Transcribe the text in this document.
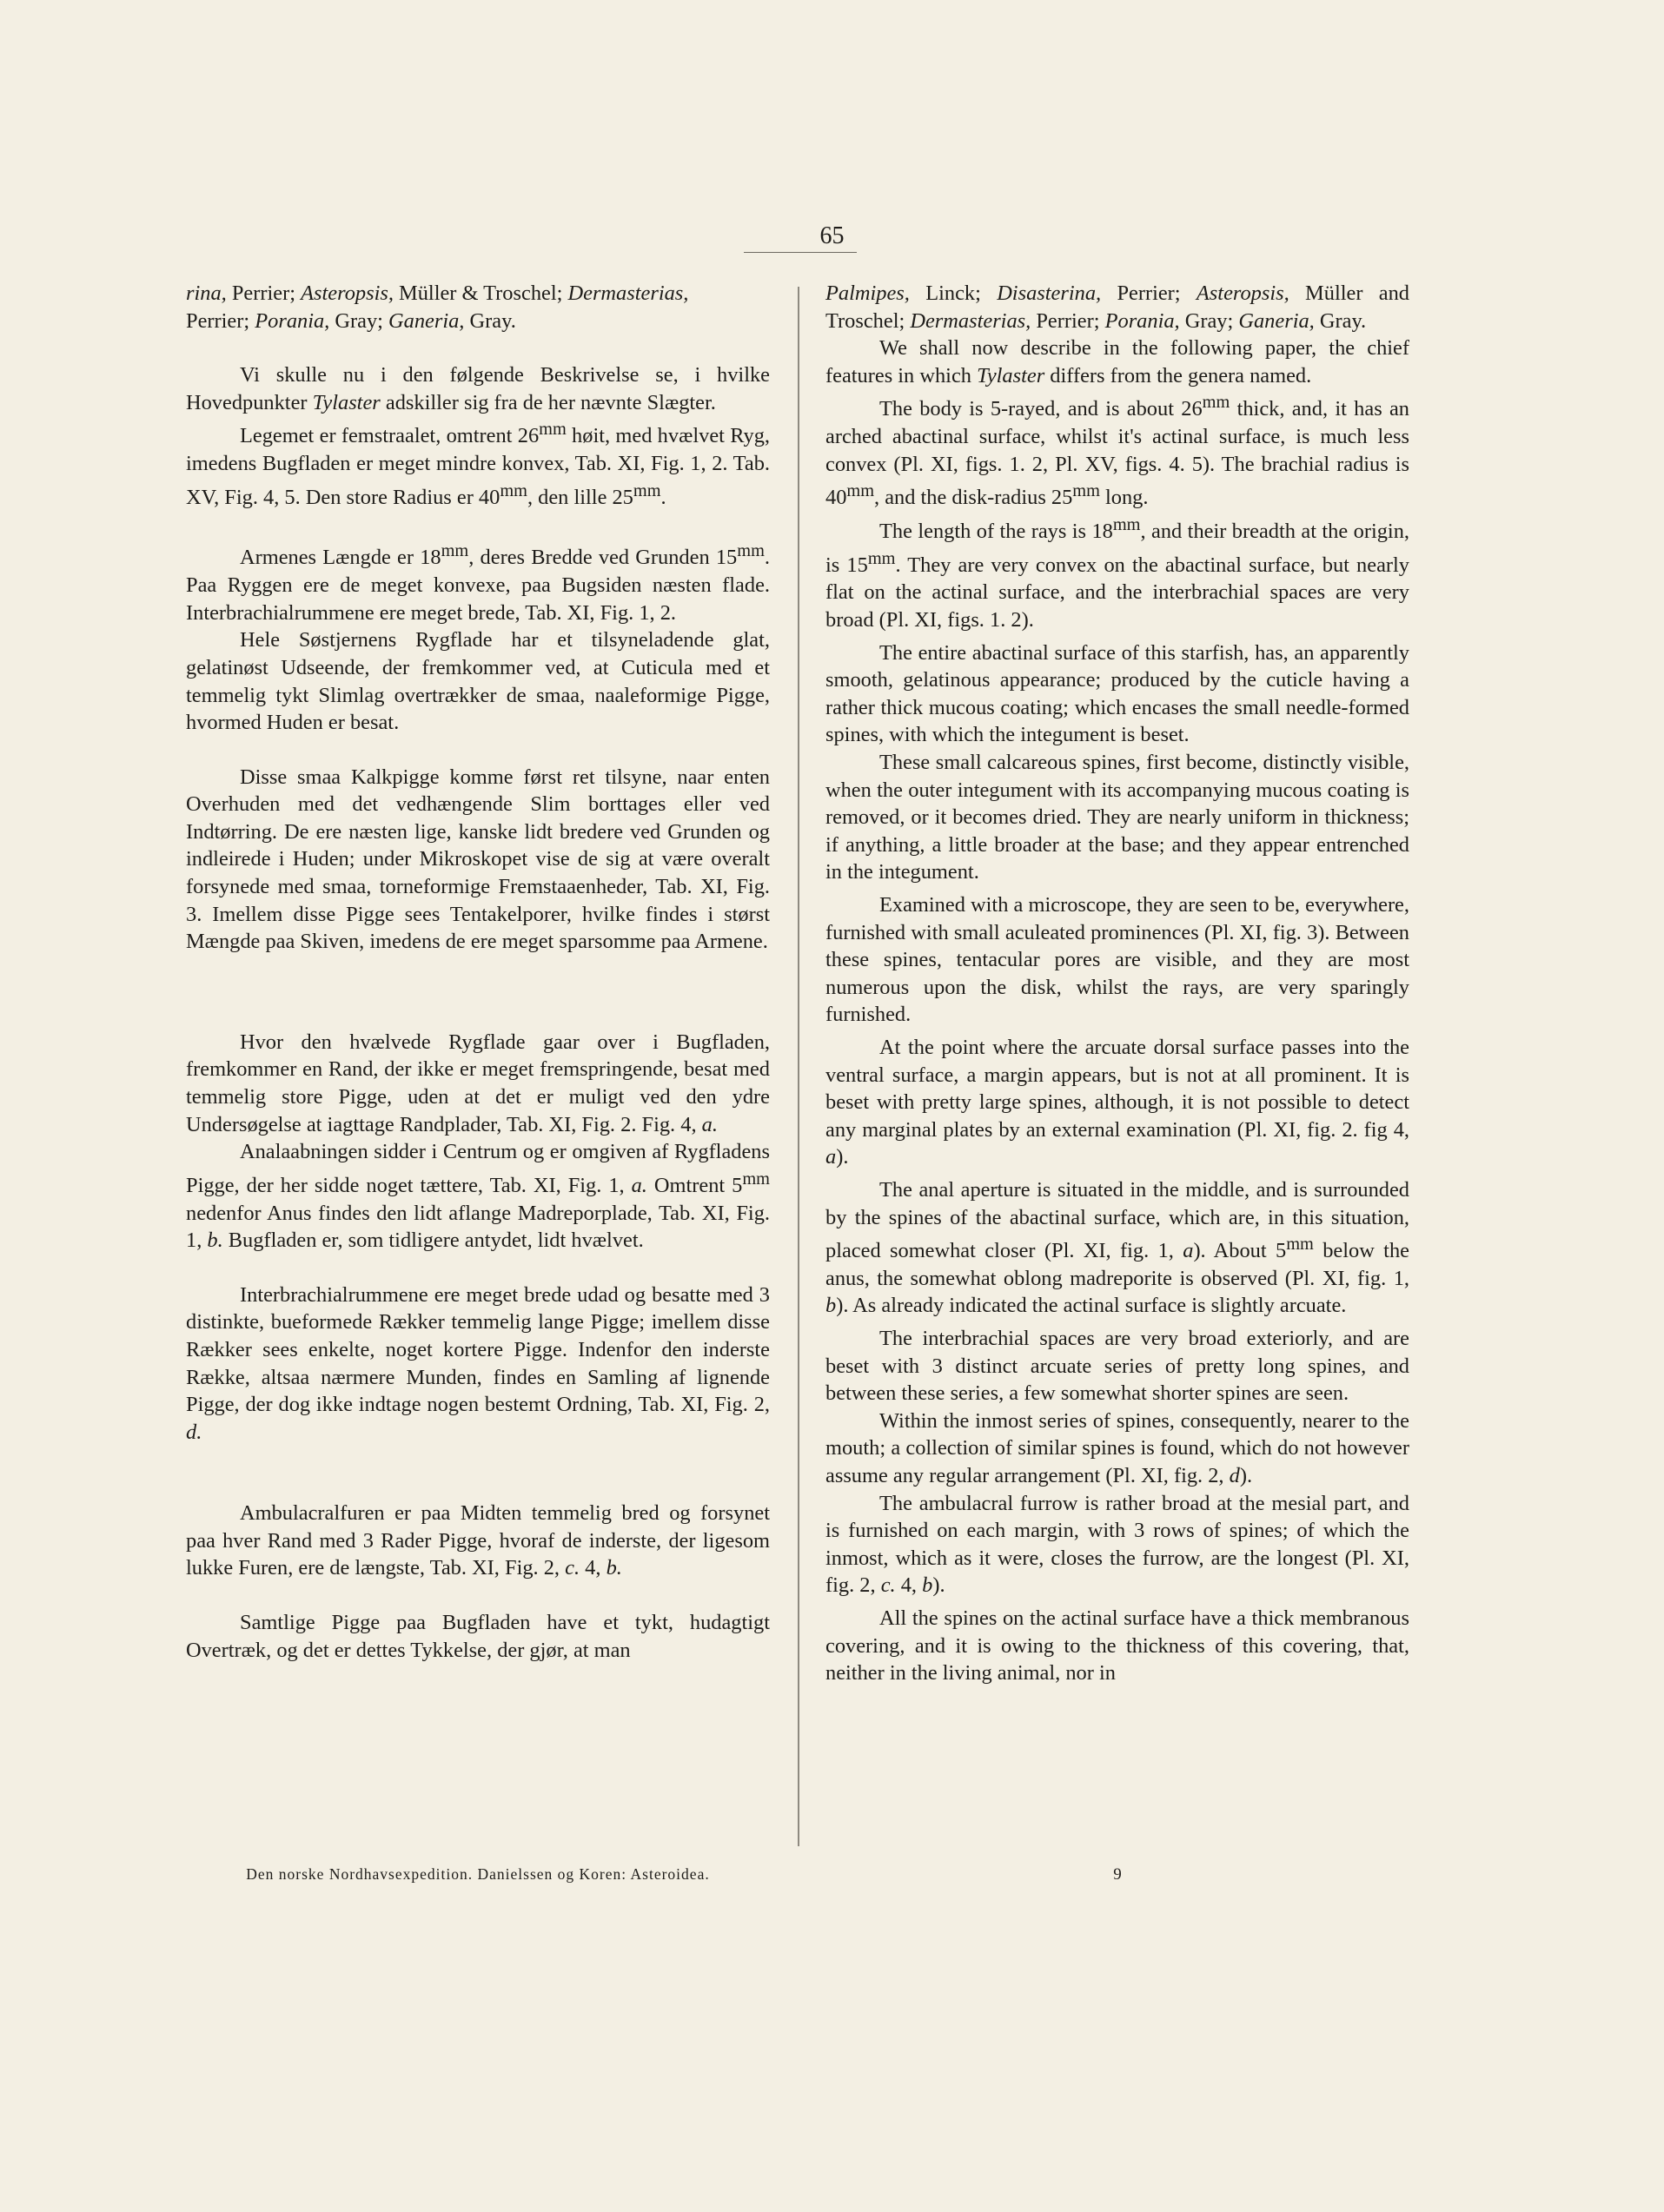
65

rina, Perrier; Asteropsis, Müller & Troschel; Dermasterias,
Perrier; Porania, Gray; Ganeria, Gray.

Vi skulle nu i den følgende Beskrivelse se, i hvilke Hovedpunkter Tylaster adskiller sig fra de her nævnte Slægter.

Legemet er femstraalet, omtrent $26^{mm}$ høit, med hvælvet Ryg, imedens Bugfladen er meget mindre konvex, Tab. XI, Fig. 1, 2. Tab. XV, Fig. 4, 5. Den store Radius er $40^{mm}$, den lille $25^{mm}$.

Armenes Længde er $18^{mm}$, deres Bredde ved Grunden $15^{mm}$. Paa Ryggen ere de meget konvexe, paa Bugsiden næsten flade. Interbrachialrummene ere meget brede, Tab. XI, Fig. 1, 2.

Hele Søstjernens Rygflade har et tilsyneladende glat, gelatinøst Udseende, der fremkommer ved, at Cuticula med et temmelig tykt Slimlag overtrækker de smaa, naaleformige Pigge, hvormed Huden er besat.

Disse smaa Kalkpigge komme først ret tilsyne, naar enten Overhuden med det vedhængende Slim borttages eller ved Indtørring. De ere næsten lige, kanske lidt bredere ved Grunden og indleirede i Huden; under Mikroskopet vise de sig at være overalt forsynede med smaa, torneformige Fremstaaenheder, Tab. XI, Fig. 3. Imellem disse Pigge sees Tentakelporer, hvilke findes i størst Mængde paa Skiven, imedens de ere meget sparsomme paa Armene.

Hvor den hvælvede Rygflade gaar over i Bugfladen, fremkommer en Rand, der ikke er meget fremspringende, besat med temmelig store Pigge, uden at det er muligt ved den ydre Undersøgelse at iagttage Randplader, Tab. XI, Fig. 2. Fig. 4, a.

Analaabningen sidder i Centrum og er omgiven af Rygfladens Pigge, der her sidde noget tættere, Tab. XI, Fig. 1, a. Omtrent $5^{mm}$ nedenfor Anus findes den lidt aflange Madreporplade, Tab. XI, Fig. 1, b. Bugfladen er, som tidligere antydet, lidt hvælvet.

Interbrachialrummene ere meget brede udad og besatte med 3 distinkte, bueformede Rækker temmelig lange Pigge; imellem disse Rækker sees enkelte, noget kortere Pigge. Indenfor den inderste Række, altsaa nærmere Munden, findes en Samling af lignende Pigge, der dog ikke indtage nogen bestemt Ordning, Tab. XI, Fig. 2, d.

Ambulacralfuren er paa Midten temmelig bred og forsynet paa hver Rand med 3 Rader Pigge, hvoraf de inderste, der ligesom lukke Furen, ere de længste, Tab. XI, Fig. 2, c. 4, b.

Samtlige Pigge paa Bugfladen have et tykt, hudagtigt Overtræk, og det er dettes Tykkelse, der gjør, at man

Palmipes, Linck; Disasterina, Perrier; Asteropsis, Müller and Troschel; Dermasterias, Perrier; Porania, Gray; Ganeria, Gray.

We shall now describe in the following paper, the chief features in which Tylaster differs from the genera named.

The body is 5-rayed, and is about $26^{mm}$ thick, and, it has an arched abactinal surface, whilst it's actinal surface, is much less convex (Pl. XI, figs. 1. 2, Pl. XV, figs. 4. 5). The brachial radius is $40^{mm}$, and the disk-radius $25^{mm}$ long.

The length of the rays is $18^{mm}$, and their breadth at the origin, is $15^{mm}$. They are very convex on the abactinal surface, but nearly flat on the actinal surface, and the interbrachial spaces are very broad (Pl. XI, figs. 1. 2).

The entire abactinal surface of this starfish, has, an apparently smooth, gelatinous appearance; produced by the cuticle having a rather thick mucous coating; which encases the small needle-formed spines, with which the integument is beset.

These small calcareous spines, first become, distinctly visible, when the outer integument with its accompanying mucous coating is removed, or it becomes dried. They are nearly uniform in thickness; if anything, a little broader at the base; and they appear entrenched in the integument.

Examined with a microscope, they are seen to be, everywhere, furnished with small aculeated prominences (Pl. XI, fig. 3). Between these spines, tentacular pores are visible, and they are most numerous upon the disk, whilst the rays, are very sparingly furnished.

At the point where the arcuate dorsal surface passes into the ventral surface, a margin appears, but is not at all prominent. It is beset with pretty large spines, although, it is not possible to detect any marginal plates by an external examination (Pl. XI, fig. 2. fig 4, a).

The anal aperture is situated in the middle, and is surrounded by the spines of the abactinal surface, which are, in this situation, placed somewhat closer (Pl. XI, fig. 1, a). About $5^{mm}$ below the anus, the somewhat oblong madreporite is observed (Pl. XI, fig. 1, b). As already indicated the actinal surface is slightly arcuate.

The interbrachial spaces are very broad exteriorly, and are beset with 3 distinct arcuate series of pretty long spines, and between these series, a few somewhat shorter spines are seen.

Within the inmost series of spines, consequently, nearer to the mouth; a collection of similar spines is found, which do not however assume any regular arrangement (Pl. XI, fig. 2, d).

The ambulacral furrow is rather broad at the mesial part, and is furnished on each margin, with 3 rows of spines; of which the inmost, which as it were, closes the furrow, are the longest (Pl. XI, fig. 2, c. 4, b).

All the spines on the actinal surface have a thick membranous covering, and it is owing to the thickness of this covering, that, neither in the living animal, nor in

Den norske Nordhavsexpedition. Danielssen og Koren: Asteroidea.	9
